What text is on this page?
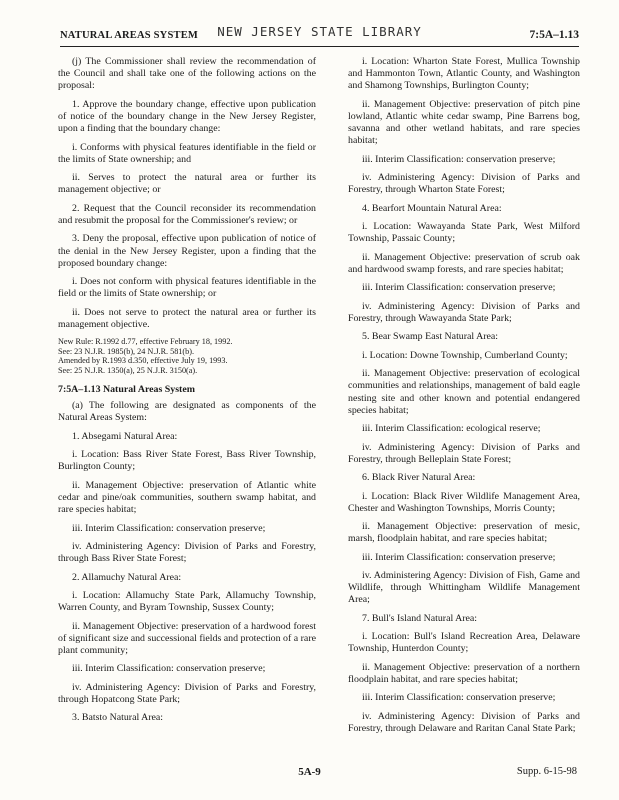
NATURAL AREAS SYSTEM	NEW JERSEY STATE LIBRARY	7:5A–1.13

(j) The Commissioner shall review the recommendation of the Council and shall take one of the following actions on the proposal:

1. Approve the boundary change, effective upon publication of notice of the boundary change in the New Jersey Register, upon a finding that the boundary change:

i. Conforms with physical features identifiable in the field or the limits of State ownership; and

ii. Serves to protect the natural area or further its management objective; or

2. Request that the Council reconsider its recommendation and resubmit the proposal for the Commissioner's review; or

3. Deny the proposal, effective upon publication of notice of the denial in the New Jersey Register, upon a finding that the proposed boundary change:

i. Does not conform with physical features identifiable in the field or the limits of State ownership; or

ii. Does not serve to protect the natural area or further its management objective.

New Rule: R.1992 d.77, effective February 18, 1992.

See: 23 N.J.R. 1985(b), 24 N.J.R. 581(b).

Amended by R.1993 d.350, effective July 19, 1993.

See: 25 N.J.R. 1350(a), 25 N.J.R. 3150(a).

7:5A–1.13 Natural Areas System

(a) The following are designated as components of the Natural Areas System:

1. Absegami Natural Area:

i. Location: Bass River State Forest, Bass River Township, Burlington County;

ii. Management Objective: preservation of Atlantic white cedar and pine/oak communities, southern swamp habitat, and rare species habitat;

iii. Interim Classification: conservation preserve;

iv. Administering Agency: Division of Parks and Forestry, through Bass River State Forest;

2. Allamuchy Natural Area:

i. Location: Allamuchy State Park, Allamuchy Township, Warren County, and Byram Township, Sussex County;

ii. Management Objective: preservation of a hardwood forest of significant size and successional fields and protection of a rare plant community;

iii. Interim Classification: conservation preserve;

iv. Administering Agency: Division of Parks and Forestry, through Hopatcong State Park;

3. Batsto Natural Area:

i. Location: Wharton State Forest, Mullica Township and Hammonton Town, Atlantic County, and Washington and Shamong Townships, Burlington County;

ii. Management Objective: preservation of pitch pine lowland, Atlantic white cedar swamp, Pine Barrens bog, savanna and other wetland habitats, and rare species habitat;

iii. Interim Classification: conservation preserve;

iv. Administering Agency: Division of Parks and Forestry, through Wharton State Forest;

4. Bearfort Mountain Natural Area:

i. Location: Wawayanda State Park, West Milford Township, Passaic County;

ii. Management Objective: preservation of scrub oak and hardwood swamp forests, and rare species habitat;

iii. Interim Classification: conservation preserve;

iv. Administering Agency: Division of Parks and Forestry, through Wawayanda State Park;

5. Bear Swamp East Natural Area:

i. Location: Downe Township, Cumberland County;

ii. Management Objective: preservation of ecological communities and relationships, management of bald eagle nesting site and other known and potential endangered species habitat;

iii. Interim Classification: ecological reserve;

iv. Administering Agency: Division of Parks and Forestry, through Belleplain State Forest;

6. Black River Natural Area:

i. Location: Black River Wildlife Management Area, Chester and Washington Townships, Morris County;

ii. Management Objective: preservation of mesic, marsh, floodplain habitat, and rare species habitat;

iii. Interim Classification: conservation preserve;

iv. Administering Agency: Division of Fish, Game and Wildlife, through Whittingham Wildlife Management Area;

7. Bull's Island Natural Area:

i. Location: Bull's Island Recreation Area, Delaware Township, Hunterdon County;

ii. Management Objective: preservation of a northern floodplain habitat, and rare species habitat;

iii. Interim Classification: conservation preserve;

iv. Administering Agency: Division of Parks and Forestry, through Delaware and Raritan Canal State Park;

5A-9	Supp. 6-15-98
